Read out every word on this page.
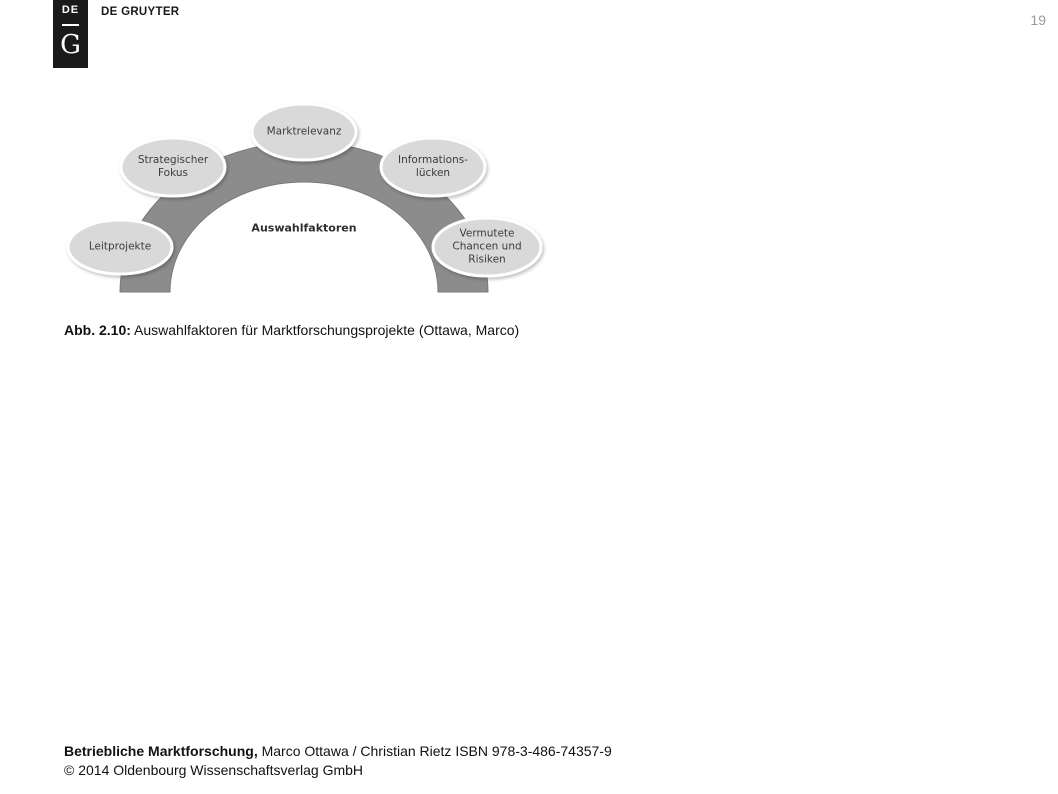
DE
G
DE GRUYTER	19
Auswahlfaktoren
Leitprojekte
Strategischer
Fokus
Marktrelevanz
Informations-
lücken
Vermutete
Chancen und
Risiken
Abb. 2.10: Auswahlfaktoren für Marktforschungsprojekte (Ottawa, Marco)
Betriebliche Marktforschung, Marco Ottawa / Christian Rietz ISBN 978-3-486-74357-9
© 2014 Oldenbourg Wissenschaftsverlag GmbH
